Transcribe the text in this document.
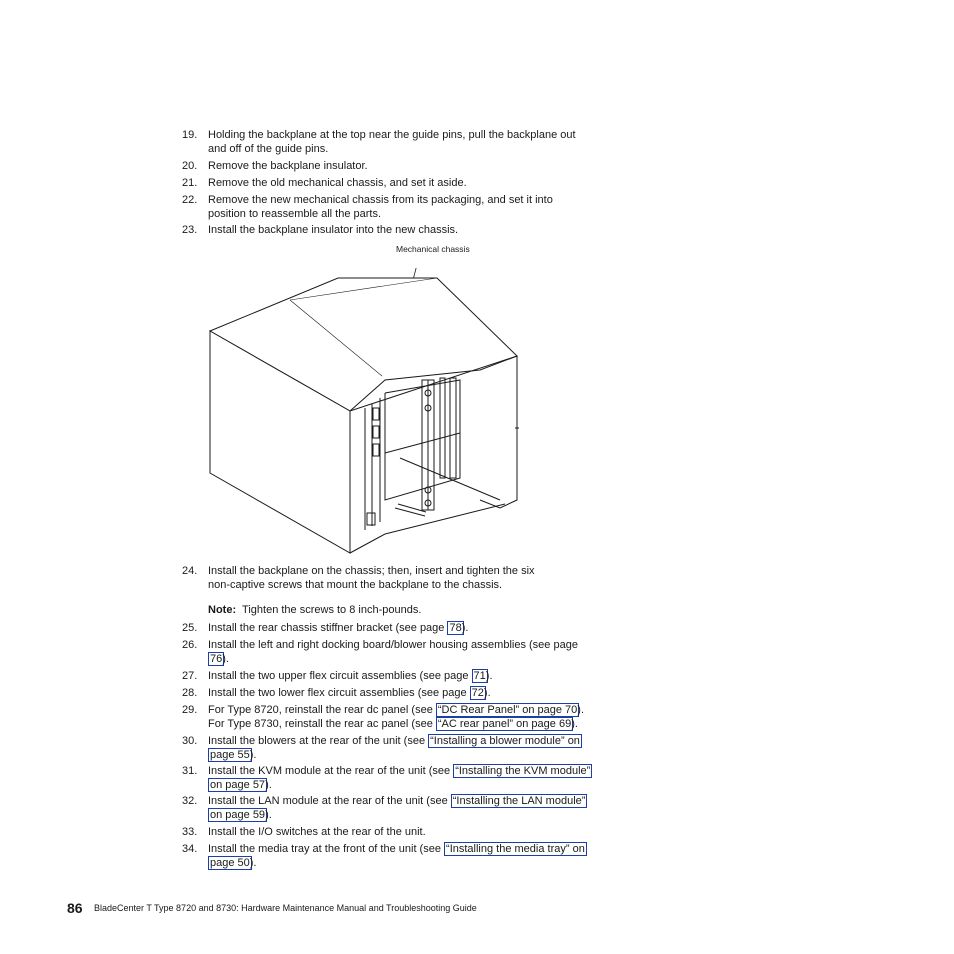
19. Holding the backplane at the top near the guide pins, pull the backplane out
and off of the guide pins.
20. Remove the backplane insulator.
21. Remove the old mechanical chassis, and set it aside.
22. Remove the new mechanical chassis from its packaging, and set it into
position to reassemble all the parts.
23. Install the backplane insulator into the new chassis.
Mechanical chassis
24. Install the backplane on the chassis; then, insert and tighten the six
non-captive screws that mount the backplane to the chassis.
Note: Tighten the screws to 8 inch-pounds.
25. Install the rear chassis stiffner bracket (see page 78).
26. Install the left and right docking board/blower housing assemblies (see page
76).
27. Install the two upper flex circuit assemblies (see page 71).
28. Install the two lower flex circuit assemblies (see page 72).
29. For Type 8720, reinstall the rear dc panel (see “DC Rear Panel” on page 70).
For Type 8730, reinstall the rear ac panel (see “AC rear panel” on page 69).
30. Install the blowers at the rear of the unit (see “Installing a blower module” on
page 55).
31. Install the KVM module at the rear of the unit (see “Installing the KVM module”
on page 57).
32. Install the LAN module at the rear of the unit (see “Installing the LAN module”
on page 59).
33. Install the I/O switches at the rear of the unit.
34. Install the media tray at the front of the unit (see “Installing the media tray” on
page 50).
86 BladeCenter T Type 8720 and 8730: Hardware Maintenance Manual and Troubleshooting Guide
